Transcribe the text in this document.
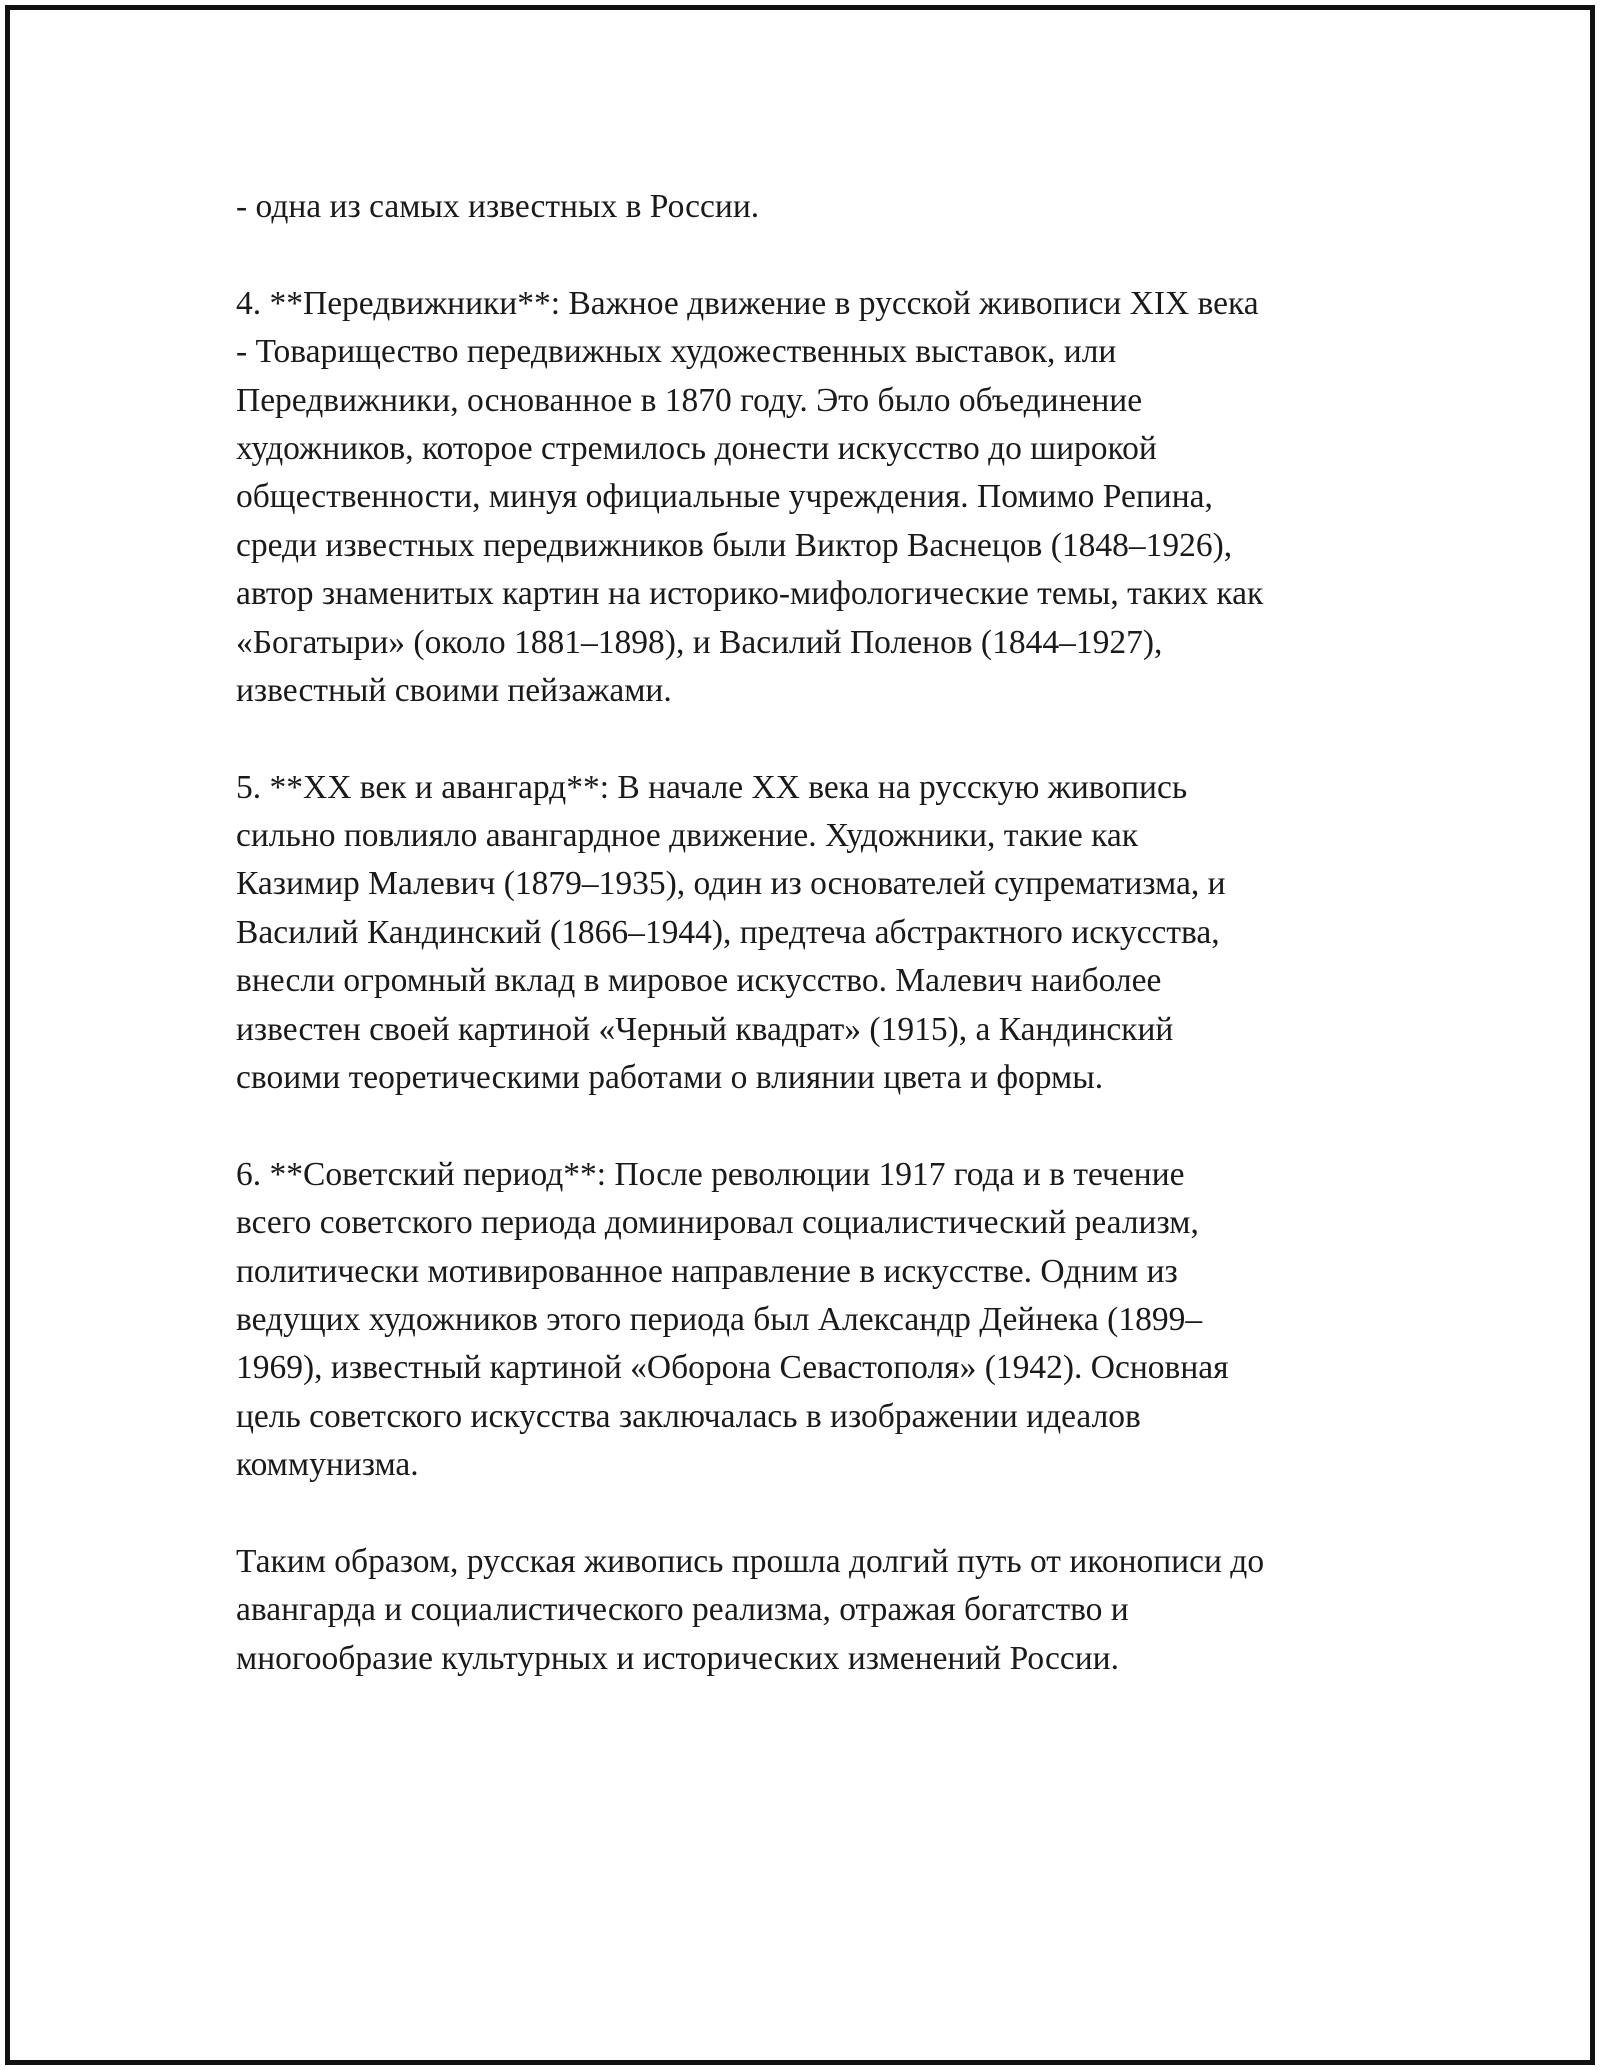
- одна из самых известных в России.
4. **Передвижники**: Важное движение в русской живописи XIX века
- Товарищество передвижных художественных выставок, или
Передвижники, основанное в 1870 году. Это было объединение
художников, которое стремилось донести искусство до широкой
общественности, минуя официальные учреждения. Помимо Репина,
среди известных передвижников были Виктор Васнецов (1848–1926),
автор знаменитых картин на историко-мифологические темы, таких как
«Богатыри» (около 1881–1898), и Василий Поленов (1844–1927),
известный своими пейзажами.
5. **XX век и авангард**: В начале XX века на русскую живопись
сильно повлияло авангардное движение. Художники, такие как
Казимир Малевич (1879–1935), один из основателей супрематизма, и
Василий Кандинский (1866–1944), предтеча абстрактного искусства,
внесли огромный вклад в мировое искусство. Малевич наиболее
известен своей картиной «Черный квадрат» (1915), а Кандинский
своими теоретическими работами о влиянии цвета и формы.
6. **Советский период**: После революции 1917 года и в течение
всего советского периода доминировал социалистический реализм,
политически мотивированное направление в искусстве. Одним из
ведущих художников этого периода был Александр Дейнека (1899–
1969), известный картиной «Оборона Севастополя» (1942). Основная
цель советского искусства заключалась в изображении идеалов
коммунизма.
Таким образом, русская живопись прошла долгий путь от иконописи до
авангарда и социалистического реализма, отражая богатство и
многообразие культурных и исторических изменений России.
